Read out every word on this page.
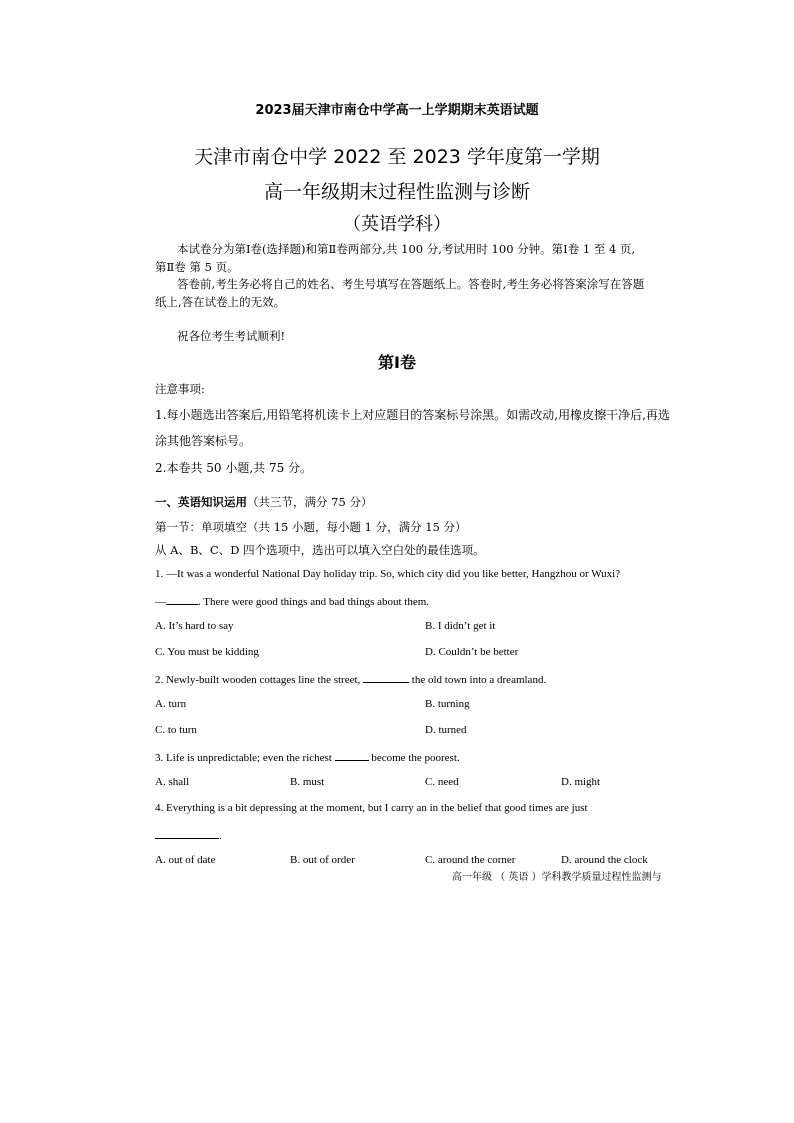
2023届天津市南仓中学高一上学期期末英语试题
天津市南仓中学 2022 至 2023 学年度第一学期
高一年级期末过程性监测与诊断
（英语学科）
本试卷分为第Ⅰ卷(选择题)和第Ⅱ卷两部分,共 100 分,考试用时 100 分钟。第Ⅰ卷 1 至 4 页,
第Ⅱ卷 第 5 页。
答卷前,考生务必将自己的姓名、考生号填写在答题纸上。答卷时,考生务必将答案涂写在答题
纸上,答在试卷上的无效。
祝各位考生考试顺利!
第Ⅰ卷
注意事项:
1.每小题选出答案后,用铅笔将机读卡上对应题目的答案标号涂黑。如需改动,用橡皮擦干净后,再选
涂其他答案标号。
2.本卷共 50 小题,共 75 分。
一、英语知识运用（共三节，满分 75 分）
第一节：单项填空（共 15 小题，每小题 1 分，满分 15 分）
从 A、B、C、D 四个选项中，选出可以填入空白处的最佳选项。
1. —It was a wonderful National Day holiday trip. So, which city did you like better, Hangzhou or Wuxi?
—	. There were good things and bad things about them.
A. It’s hard to say	B. I didn’t get it
C. You must be kidding	D. Couldn’t be better
2. Newly-built wooden cottages line the street,	the old town into a dreamland.
A. turn	B. turning
C. to turn	D. turned
3. Life is unpredictable; even the richest	become the poorest.
A. shall	B. must	C. need	D. might
4. Everything is a bit depressing at the moment, but I carry an in the belief that good times are just
.
A. out of date	B. out of order	C. around the corner	D. around the clock
高一年级 （ 英语 ）学科教学质量过程性监测与
